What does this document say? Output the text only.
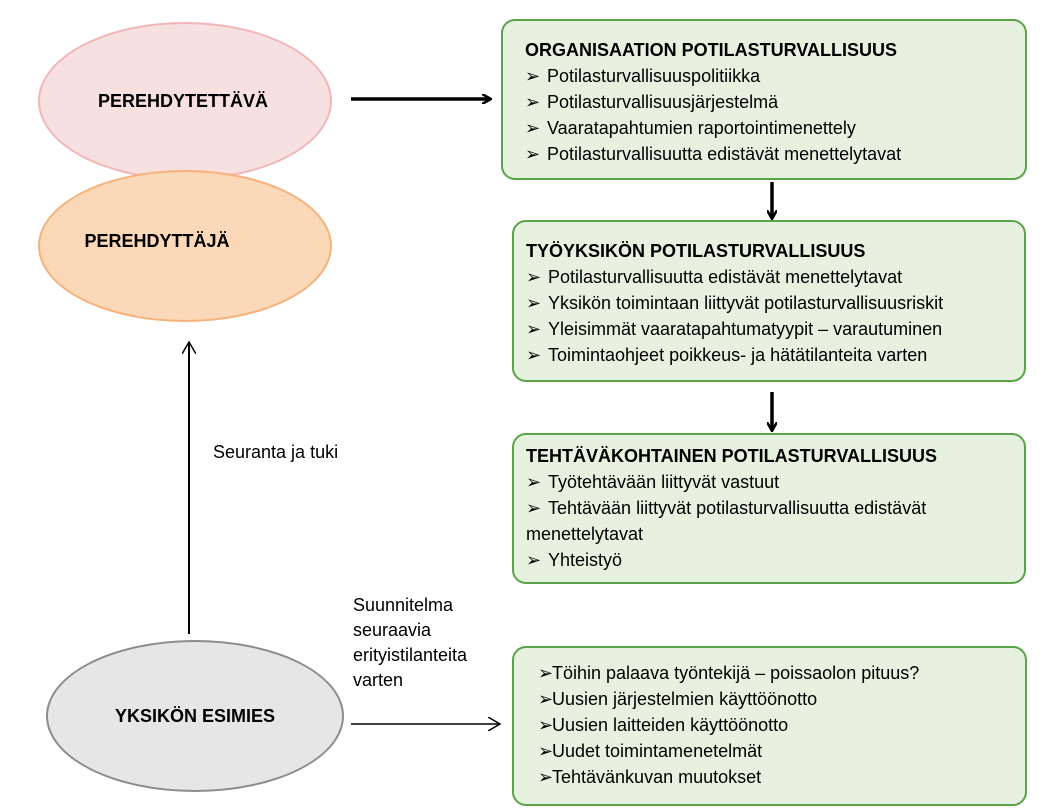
PEREHDYTETTÄVÄ
PEREHDYTTÄJÄ
YKSIKÖN ESIMIES
ORGANISAATION POTILASTURVALLISUUS
➢ Potilasturvallisuuspolitiikka
➢ Potilasturvallisuusjärjestelmä
➢ Vaaratapahtumien raportointimenettely
➢ Potilasturvallisuutta edistävät menettelytavat
TYÖYKSIKÖN POTILASTURVALLISUUS
➢ Potilasturvallisuutta edistävät menettelytavat
➢ Yksikön toimintaan liittyvät potilasturvallisuusriskit
➢ Yleisimmät vaaratapahtumatyypit – varautuminen
➢ Toimintaohjeet poikkeus- ja hätätilanteita varten
TEHTÄVÄKOHTAINEN POTILASTURVALLISUUS
➢ Työtehtävään liittyvät vastuut
➢ Tehtävään liittyvät potilasturvallisuutta edistävät menettelytavat
➢ Yhteistyö
➢Töihin palaava työntekijä – poissaolon pituus?
➢Uusien järjestelmien käyttöönotto
➢Uusien laitteiden käyttöönotto
➢Uudet toimintamenetelmät
➢Tehtävänkuvan muutokset
Seuranta ja tuki
Suunnitelma seuraavia erityistilanteita varten
